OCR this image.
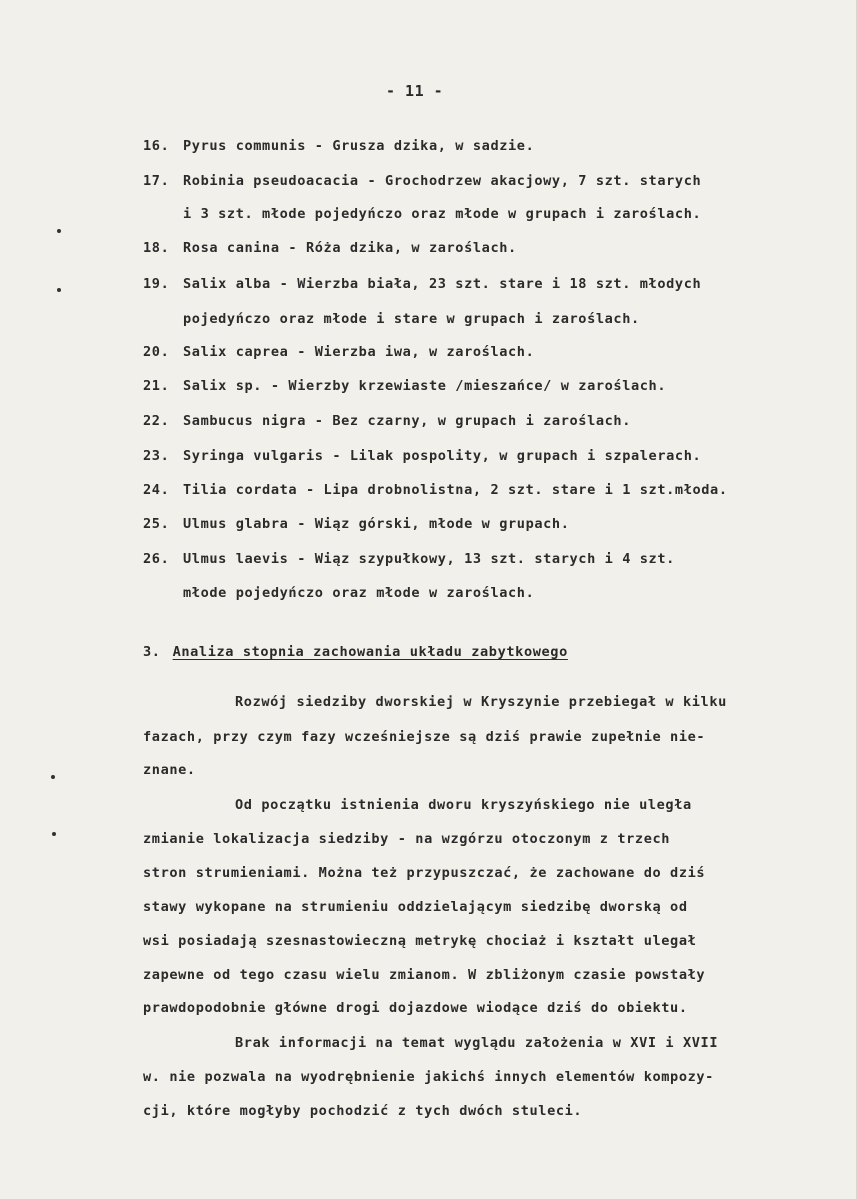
- 11 -
16. Pyrus communis - Grusza dzika, w sadzie.
17. Robinia pseudoacacia - Grochodrzew akacjowy, 7 szt. starych
i 3 szt. młode pojedyńczo oraz młode w grupach i zaroślach.
18. Rosa canina - Róża dzika, w zaroślach.
19. Salix alba - Wierzba biała, 23 szt. stare i 18 szt. młodych
pojedyńczo oraz młode i stare w grupach i zaroślach.
20. Salix caprea - Wierzba iwa, w zaroślach.
21. Salix sp. - Wierzby krzewiaste /mieszańce/ w zaroślach.
22. Sambucus nigra - Bez czarny, w grupach i zaroślach.
23. Syringa vulgaris - Lilak pospolity, w grupach i szpalerach.
24. Tilia cordata - Lipa drobnolistna, 2 szt. stare i 1 szt.młoda.
25. Ulmus glabra - Wiąz górski, młode w grupach.
26. Ulmus laevis - Wiąz szypułkowy, 13 szt. starych i 4 szt.
młode pojedyńczo oraz młode w zaroślach.
3. Analiza stopnia zachowania układu zabytkowego
Rozwój siedziby dworskiej w Kryszynie przebiegał w kilku
fazach, przy czym fazy wcześniejsze są dziś prawie zupełnie nie-
znane.
Od początku istnienia dworu kryszyńskiego nie uległa
zmianie lokalizacja siedziby - na wzgórzu otoczonym z trzech
stron strumieniami. Można też przypuszczać, że zachowane do dziś
stawy wykopane na strumieniu oddzielającym siedzibę dworską od
wsi posiadają szesnastowieczną metrykę chociaż i kształt ulegał
zapewne od tego czasu wielu zmianom. W zbliżonym czasie powstały
prawdopodobnie główne drogi dojazdowe wiodące dziś do obiektu.
Brak informacji na temat wyglądu założenia w XVI i XVII
w. nie pozwala na wyodrębnienie jakichś innych elementów kompozy-
cji, które mogłyby pochodzić z tych dwóch stuleci.
